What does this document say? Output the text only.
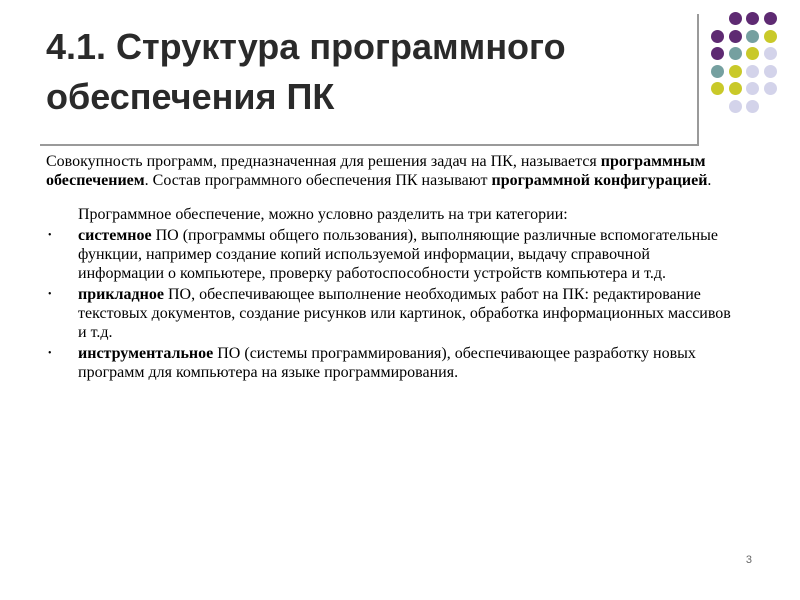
4.1. Структура программного
обеспечения ПК

Совокупность программ, предназначенная для решения задач на ПК, называется программным обеспечением. Состав программного обеспечения ПК называют программной конфигурацией.

Программное обеспечение, можно условно разделить на три категории:

• системное ПО (программы общего пользования), выполняющие различные вспомогательные функции, например создание копий используемой информации, выдачу справочной информации о компьютере, проверку работоспособности устройств компьютера и т.д.
• прикладное ПО, обеспечивающее выполнение необходимых работ на ПК: редактирование текстовых документов, создание рисунков или картинок, обработка информационных массивов и т.д.
• инструментальное ПО (системы программирования), обеспечивающее разработку новых программ для компьютера на языке программирования.
3
